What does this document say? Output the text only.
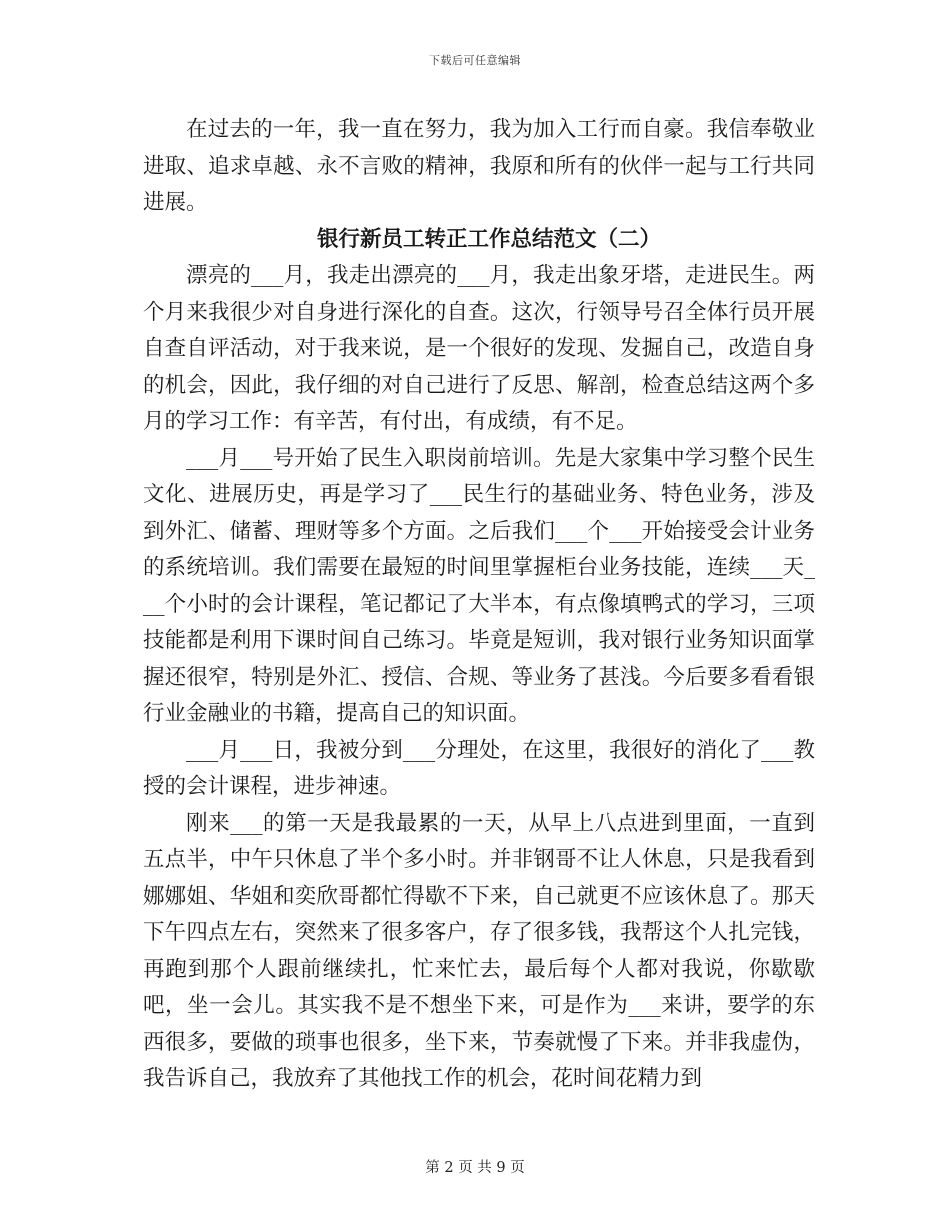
下载后可任意编辑

在过去的一年，我一直在努力，我为加入工行而自豪。我信奉敬业进取、追求卓越、永不言败的精神，我原和所有的伙伴一起与工行共同进展。

银行新员工转正工作总结范文（二）

漂亮的___月，我走出漂亮的___月，我走出象牙塔，走进民生。两个月来我很少对自身进行深化的自查。这次，行领导号召全体行员开展自查自评活动，对于我来说，是一个很好的发现、发掘自己，改造自身的机会，因此，我仔细的对自己进行了反思、解剖，检查总结这两个多月的学习工作：有辛苦，有付出，有成绩，有不足。

___月___号开始了民生入职岗前培训。先是大家集中学习整个民生文化、进展历史，再是学习了___民生行的基础业务、特色业务，涉及到外汇、储蓄、理财等多个方面。之后我们___个___开始接受会计业务的系统培训。我们需要在最短的时间里掌握柜台业务技能，连续___天___个小时的会计课程，笔记都记了大半本，有点像填鸭式的学习，三项技能都是利用下课时间自己练习。毕竟是短训，我对银行业务知识面掌握还很窄，特别是外汇、授信、合规、等业务了甚浅。今后要多看看银行业金融业的书籍，提高自己的知识面。

___月___日，我被分到___分理处，在这里，我很好的消化了___教授的会计课程，进步神速。

刚来___的第一天是我最累的一天，从早上八点进到里面，一直到五点半，中午只休息了半个多小时。并非钢哥不让人休息，只是我看到娜娜姐、华姐和奕欣哥都忙得歇不下来，自己就更不应该休息了。那天下午四点左右，突然来了很多客户，存了很多钱，我帮这个人扎完钱，再跑到那个人跟前继续扎，忙来忙去，最后每个人都对我说，你歇歇吧，坐一会儿。其实我不是不想坐下来，可是作为___来讲，要学的东西很多，要做的琐事也很多，坐下来，节奏就慢了下来。并非我虚伪，我告诉自己，我放弃了其他找工作的机会，花时间花精力到

第 2 页 共 9 页
